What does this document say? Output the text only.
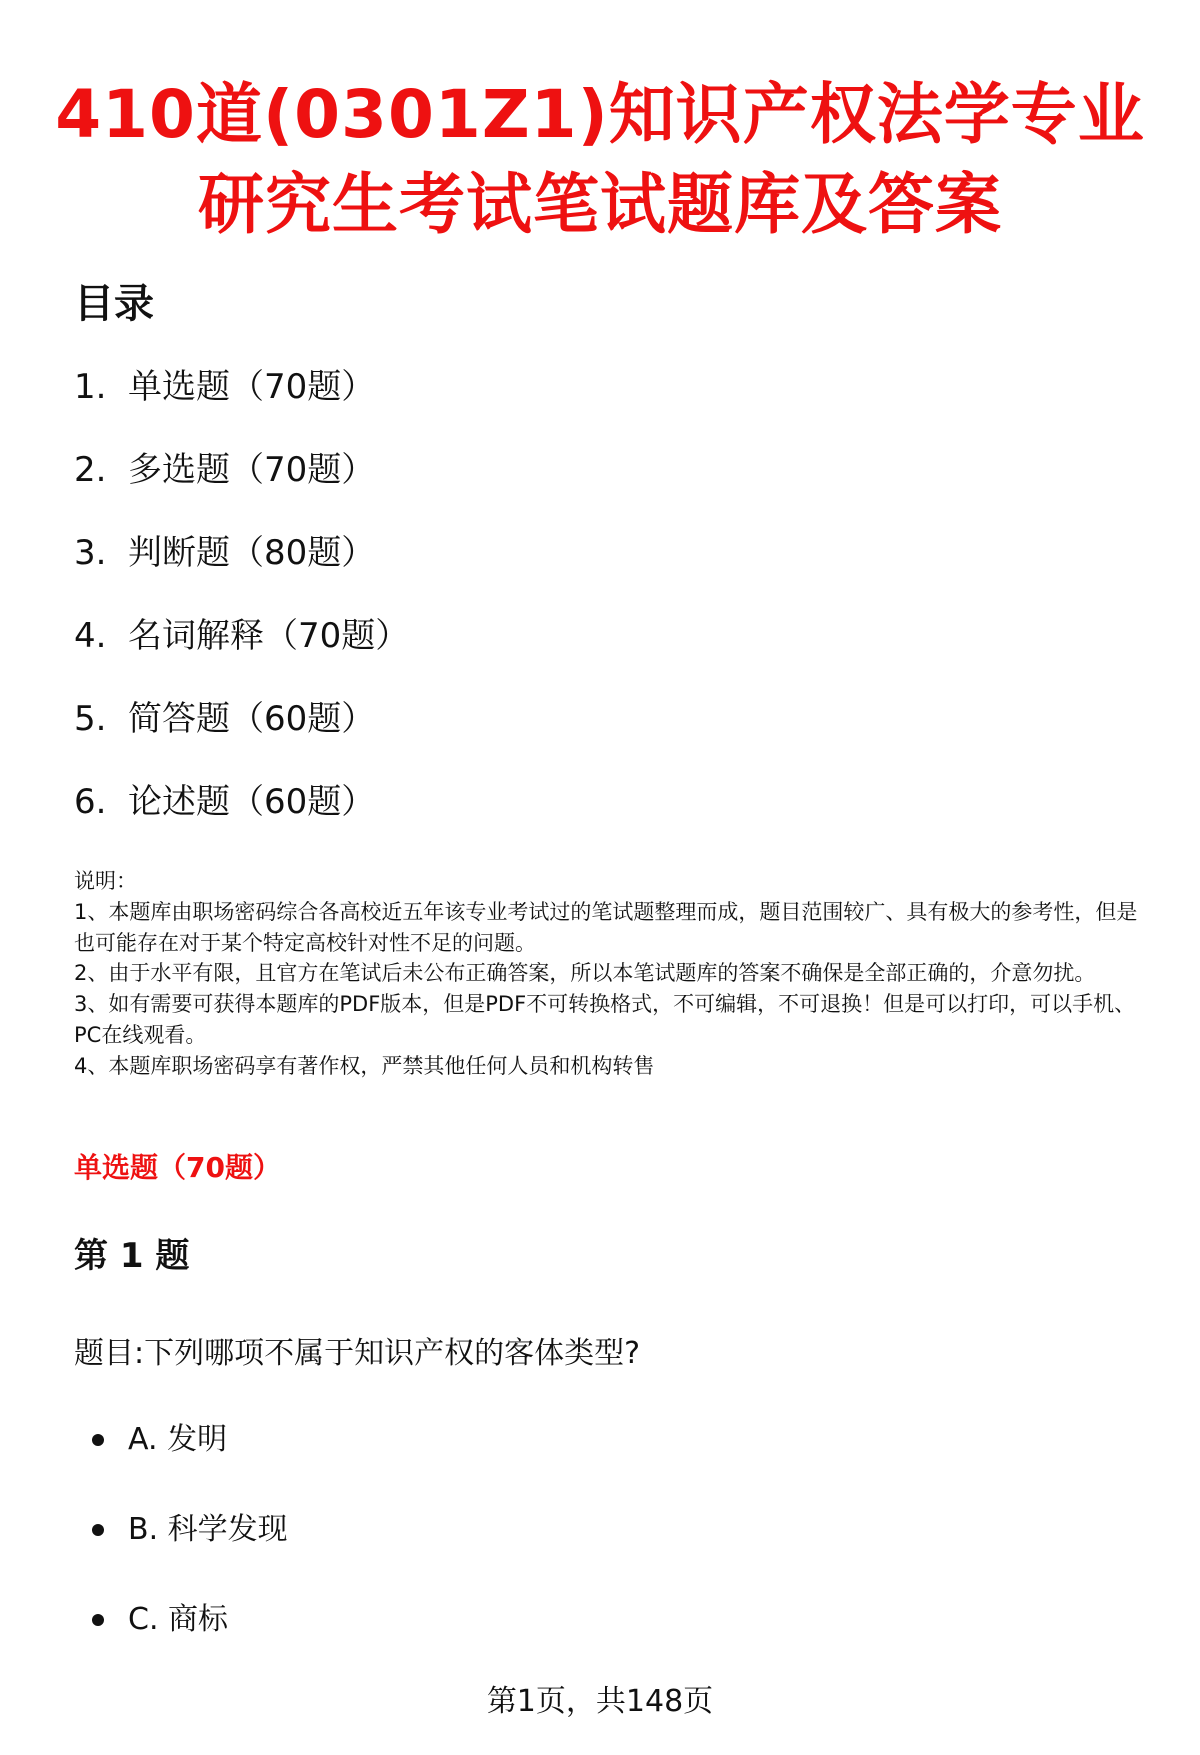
410道(0301Z1)知识产权法学专业
研究生考试笔试题库及答案
目录
1. 单选题（70题）
2. 多选题（70题）
3. 判断题（80题）
4. 名词解释（70题）
5. 简答题（60题）
6. 论述题（60题）
说明：
1、本题库由职场密码综合各高校近五年该专业考试过的笔试题整理而成，题目范围较广、具有极大的参考性，但是也可能存在对于某个特定高校针对性不足的问题。
2、由于水平有限，且官方在笔试后未公布正确答案，所以本笔试题库的答案不确保是全部正确的，介意勿扰。
3、如有需要可获得本题库的PDF版本，但是PDF不可转换格式，不可编辑，不可退换！但是可以打印，可以手机、PC在线观看。
4、本题库职场密码享有著作权，严禁其他任何人员和机构转售
单选题（70题）
第 1 题
题目:下列哪项不属于知识产权的客体类型?
A. 发明
B. 科学发现
C. 商标
第1页，共148页
